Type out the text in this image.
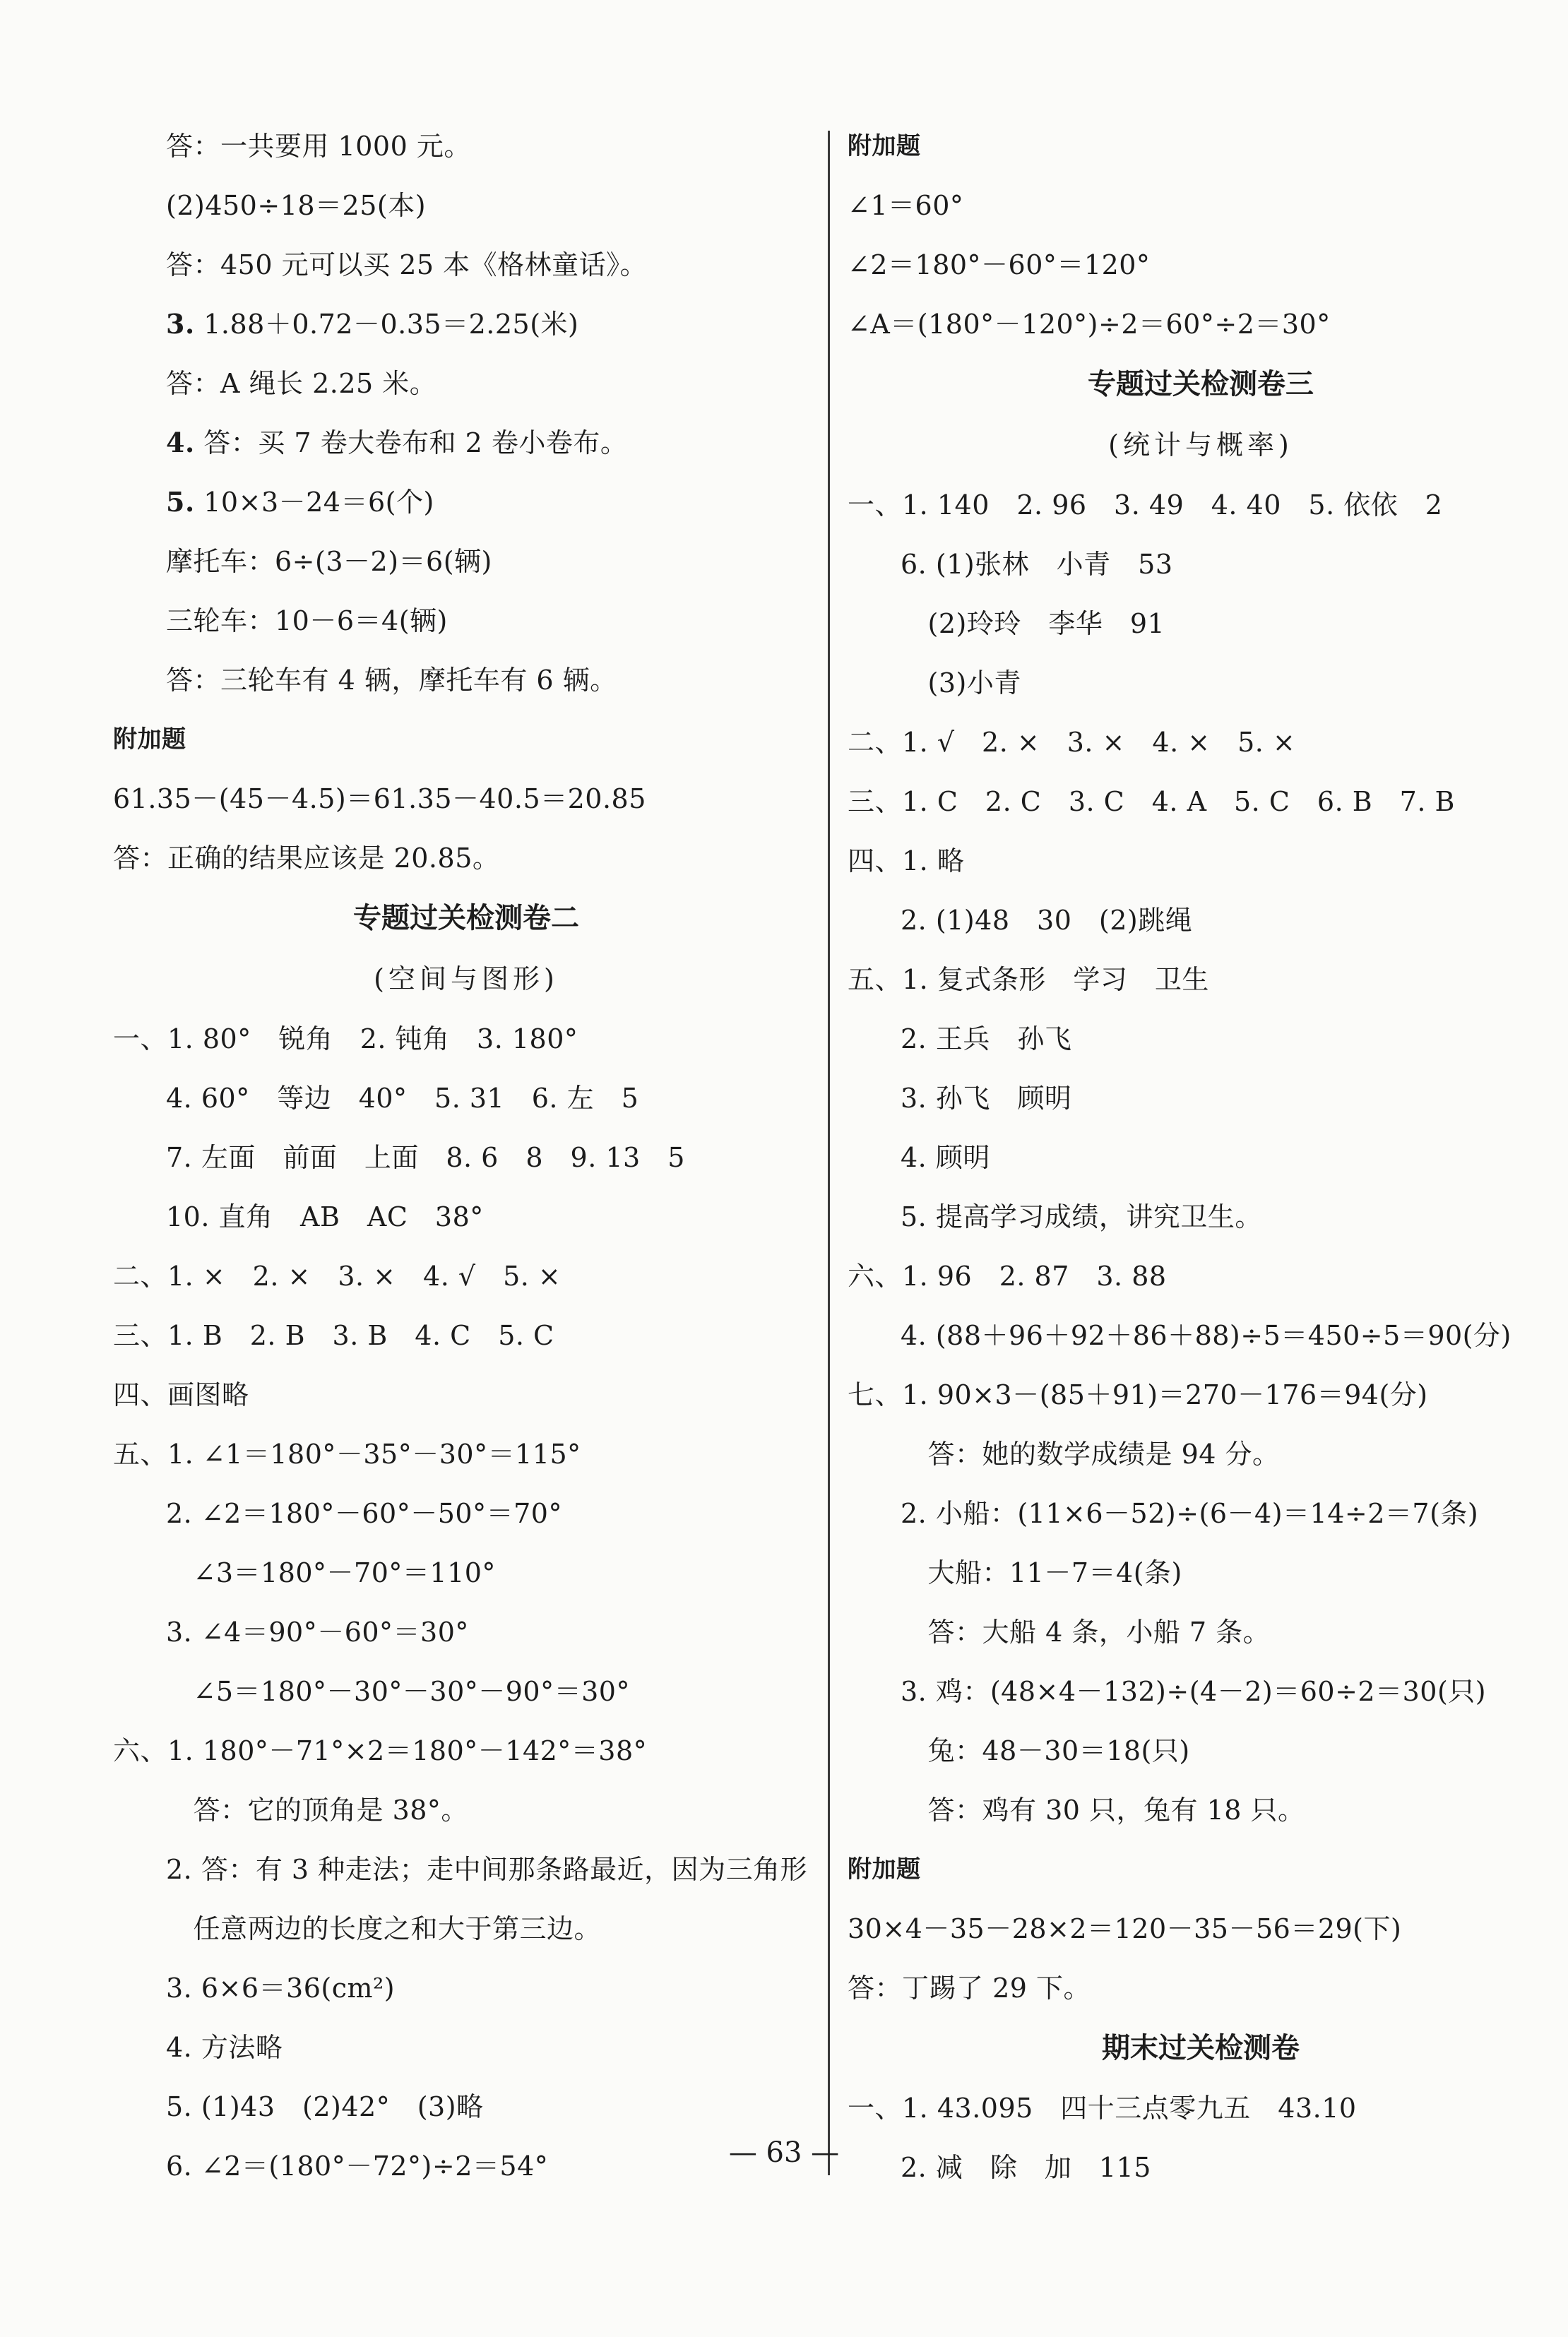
答：一共要用 1000 元。
(2)450÷18＝25(本)
答：450 元可以买 25 本《格林童话》。
3. 1.88＋0.72－0.35＝2.25(米)
答：A 绳长 2.25 米。
4. 答：买 7 卷大卷布和 2 卷小卷布。
5. 10×3－24＝6(个)
摩托车：6÷(3－2)＝6(辆)
三轮车：10－6＝4(辆)
答：三轮车有 4 辆，摩托车有 6 辆。
附加题
61.35－(45－4.5)＝61.35－40.5＝20.85
答：正确的结果应该是 20.85。
专题过关检测卷二
(空间与图形)
一、1. 80°　锐角　2. 钝角　3. 180°
4. 60°　等边　40°　5. 31　6. 左　5
7. 左面　前面　上面　8. 6　8　9. 13　5
10. 直角　AB　AC　38°
二、1. ×　2. ×　3. ×　4. √　5. ×
三、1. B　2. B　3. B　4. C　5. C
四、画图略
五、1. ∠1＝180°－35°－30°＝115°
2. ∠2＝180°－60°－50°＝70°
　∠3＝180°－70°＝110°
3. ∠4＝90°－60°＝30°
　∠5＝180°－30°－30°－90°＝30°
六、1. 180°－71°×2＝180°－142°＝38°
　答：它的顶角是 38°。
2. 答：有 3 种走法；走中间那条路最近，因为三角形
　任意两边的长度之和大于第三边。
3. 6×6＝36(cm²)
4. 方法略
5. (1)43　(2)42°　(3)略
6. ∠2＝(180°－72°)÷2＝54°
附加题
∠1＝60°
∠2＝180°－60°＝120°
∠A＝(180°－120°)÷2＝60°÷2＝30°
专题过关检测卷三
(统计与概率)
一、1. 140　2. 96　3. 49　4. 40　5. 依依　2
6. (1)张林　小青　53
　(2)玲玲　李华　91
　(3)小青
二、1. √　2. ×　3. ×　4. ×　5. ×
三、1. C　2. C　3. C　4. A　5. C　6. B　7. B
四、1. 略
2. (1)48　30　(2)跳绳
五、1. 复式条形　学习　卫生
2. 王兵　孙飞
3. 孙飞　顾明
4. 顾明
5. 提高学习成绩，讲究卫生。
六、1. 96　2. 87　3. 88
4. (88＋96＋92＋86＋88)÷5＝450÷5＝90(分)
七、1. 90×3－(85＋91)＝270－176＝94(分)
　答：她的数学成绩是 94 分。
2. 小船：(11×6－52)÷(6－4)＝14÷2＝7(条)
　大船：11－7＝4(条)
　答：大船 4 条，小船 7 条。
3. 鸡：(48×4－132)÷(4－2)＝60÷2＝30(只)
　兔：48－30＝18(只)
　答：鸡有 30 只，兔有 18 只。
附加题
30×4－35－28×2＝120－35－56＝29(下)
答：丁踢了 29 下。
期末过关检测卷
一、1. 43.095　四十三点零九五　43.10
2. 减　除　加　115
— 63 —
